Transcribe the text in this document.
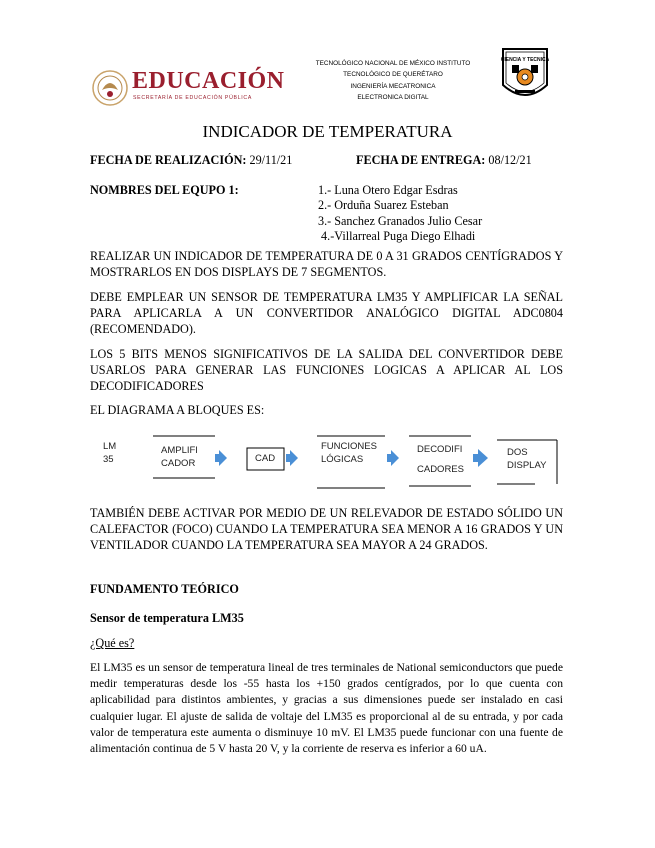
EDUCACIÓN
SECRETARÍA DE EDUCACIÓN PÚBLICA
TECNOLÓGICO NACIONAL DE MÉXICO INSTITUTO
TECNOLÓGICO DE QUERÉTARO
INGENIERÍA MECATRONICA
ELECTRONICA DIGITAL
CIENCIA Y TECNICA
INDICADOR DE TEMPERATURA
FECHA DE REALIZACIÓN: 29/11/21	FECHA DE ENTREGA: 08/12/21
NOMBRES DEL EQUPO 1:	1.- Luna Otero Edgar Esdras
2.- Orduña Suarez Esteban
3.- Sanchez Granados Julio Cesar
4.-Villarreal Puga Diego Elhadi
REALIZAR UN INDICADOR DE TEMPERATURA DE 0 A 31 GRADOS CENTÍGRADOS Y MOSTRARLOS EN DOS DISPLAYS DE 7 SEGMENTOS.
DEBE EMPLEAR UN SENSOR DE TEMPERATURA LM35 Y AMPLIFICAR LA SEÑAL PARA APLICARLA A UN CONVERTIDOR ANALÓGICO DIGITAL ADC0804 (RECOMENDADO).
LOS 5 BITS MENOS SIGNIFICATIVOS DE LA SALIDA DEL CONVERTIDOR DEBE USARLOS PARA GENERAR LAS FUNCIONES LOGICAS A APLICAR AL LOS DECODIFICADORES
EL DIAGRAMA A BLOQUES ES:
LM
35
AMPLIFI
CADOR	CAD
FUNCIONES
LÓGICAS
DECODIFI
CADORES
DOS
DISPLAY
TAMBIÉN DEBE ACTIVAR POR MEDIO DE UN RELEVADOR DE ESTADO SÓLIDO UN CALEFACTOR (FOCO) CUANDO LA TEMPERATURA SEA MENOR A 16 GRADOS Y UN VENTILADOR CUANDO LA TEMPERATURA SEA MAYOR A 24 GRADOS.
FUNDAMENTO TEÓRICO
Sensor de temperatura LM35
¿Qué es?
El LM35 es un sensor de temperatura lineal de tres terminales de National semiconductors que puede medir temperaturas desde los -55 hasta los +150 grados centígrados, por lo que cuenta con aplicabilidad para distintos ambientes, y gracias a sus dimensiones puede ser instalado en casi cualquier lugar. El ajuste de salida de voltaje del LM35 es proporcional al de su entrada, y por cada valor de temperatura este aumenta o disminuye 10 mV. El LM35 puede funcionar con una fuente de alimentación continua de 5 V hasta 20 V, y la corriente de reserva es inferior a 60 uA.
